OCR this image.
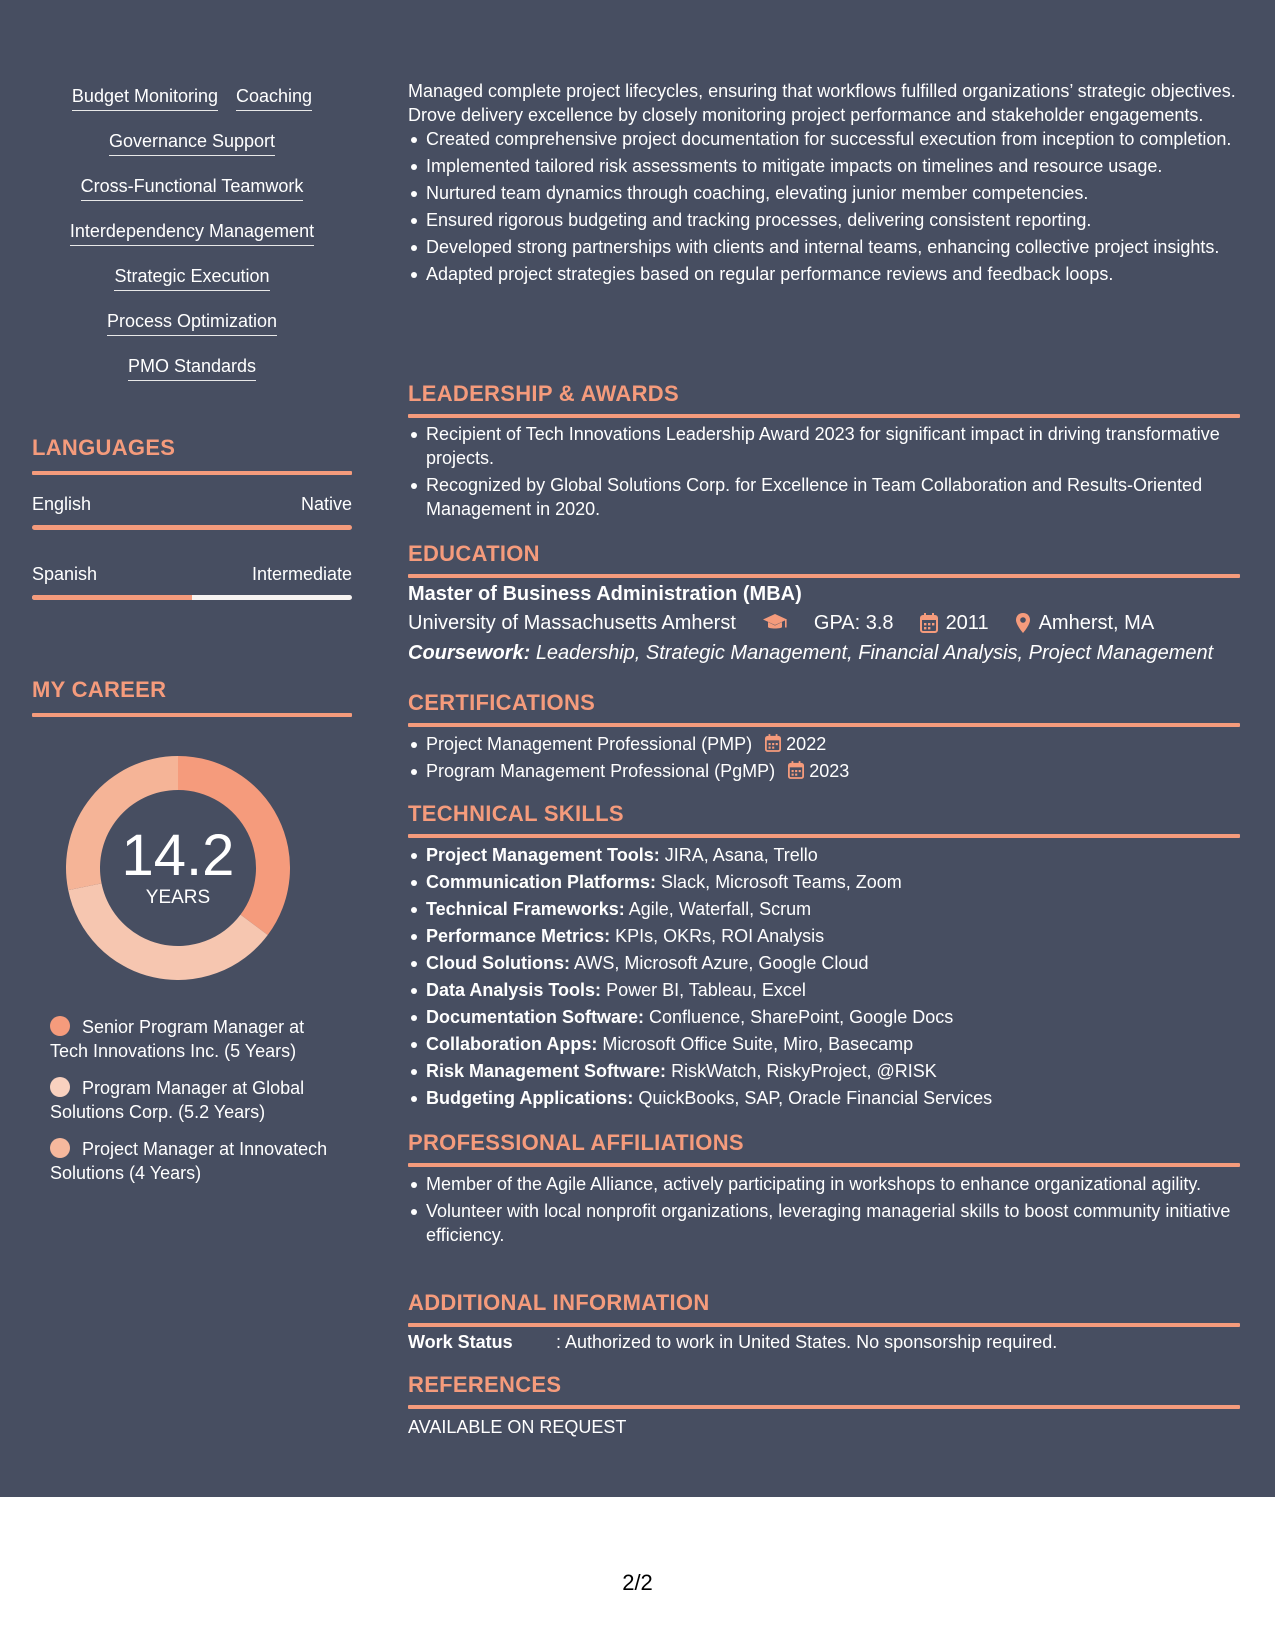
Budget Monitoring Coaching
Governance Support
Cross-Functional Teamwork
Interdependency Management
Strategic Execution
Process Optimization
PMO Standards
LANGUAGES
English	Native
Spanish	Intermediate
MY CAREER
14.2
YEARS
Senior Program Manager at Tech Innovations Inc. (5 Years)
Program Manager at Global Solutions Corp. (5.2 Years)
Project Manager at Innovatech Solutions (4 Years)
Managed complete project lifecycles, ensuring that workflows fulfilled organizations’ strategic objectives. Drove delivery excellence by closely monitoring project performance and stakeholder engagements.
Created comprehensive project documentation for successful execution from inception to completion.
Implemented tailored risk assessments to mitigate impacts on timelines and resource usage.
Nurtured team dynamics through coaching, elevating junior member competencies.
Ensured rigorous budgeting and tracking processes, delivering consistent reporting.
Developed strong partnerships with clients and internal teams, enhancing collective project insights.
Adapted project strategies based on regular performance reviews and feedback loops.
LEADERSHIP & AWARDS
Recipient of Tech Innovations Leadership Award 2023 for significant impact in driving transformative projects.
Recognized by Global Solutions Corp. for Excellence in Team Collaboration and Results-Oriented Management in 2020.
EDUCATION
Master of Business Administration (MBA)
University of Massachusetts Amherst	GPA: 3.8	2011	Amherst, MA
Coursework: Leadership, Strategic Management, Financial Analysis, Project Management
CERTIFICATIONS
Project Management Professional (PMP) 2022
Program Management Professional (PgMP) 2023
TECHNICAL SKILLS
Project Management Tools: JIRA, Asana, Trello
Communication Platforms: Slack, Microsoft Teams, Zoom
Technical Frameworks: Agile, Waterfall, Scrum
Performance Metrics: KPIs, OKRs, ROI Analysis
Cloud Solutions: AWS, Microsoft Azure, Google Cloud
Data Analysis Tools: Power BI, Tableau, Excel
Documentation Software: Confluence, SharePoint, Google Docs
Collaboration Apps: Microsoft Office Suite, Miro, Basecamp
Risk Management Software: RiskWatch, RiskyProject, @RISK
Budgeting Applications: QuickBooks, SAP, Oracle Financial Services
PROFESSIONAL AFFILIATIONS
Member of the Agile Alliance, actively participating in workshops to enhance organizational agility.
Volunteer with local nonprofit organizations, leveraging managerial skills to boost community initiative efficiency.
ADDITIONAL INFORMATION
Work Status : Authorized to work in United States. No sponsorship required.
REFERENCES
AVAILABLE ON REQUEST
2/2
